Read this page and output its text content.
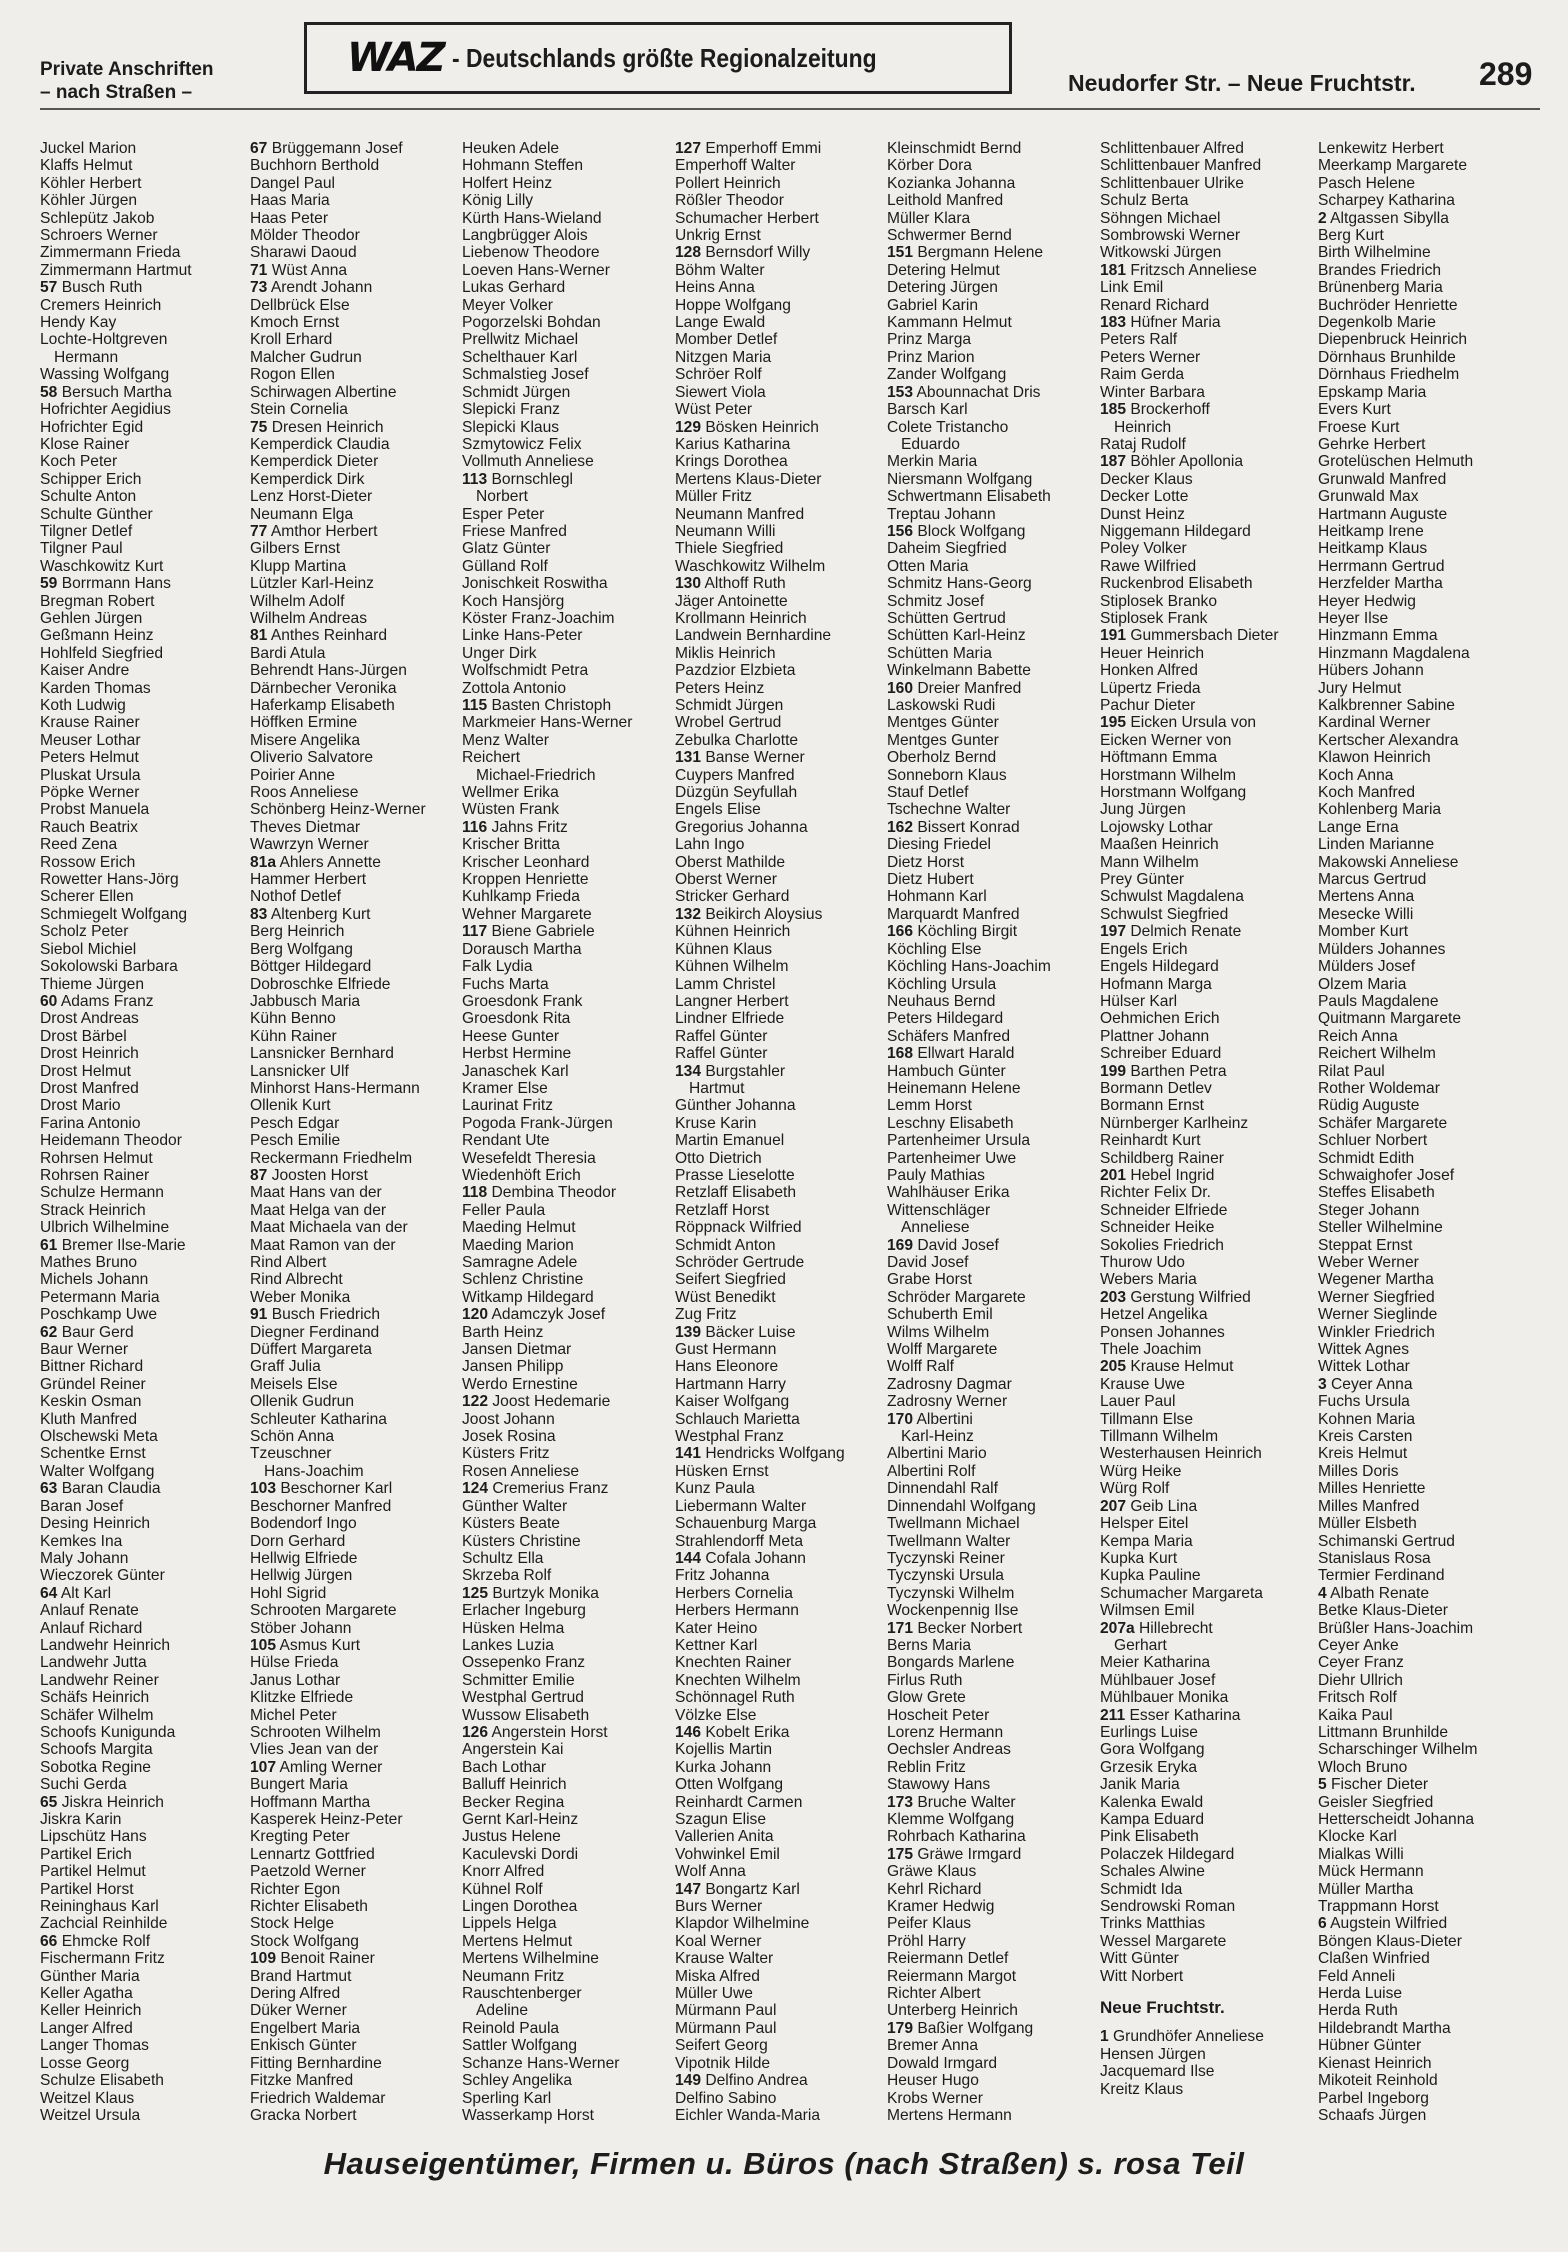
Private Anschriften
– nach Straßen –
WAZ - Deutschlands größte Regionalzeitung
Neudorfer Str. – Neue Fruchtstr. 289
Juckel Marion
Klaffs Helmut
Köhler Herbert
Köhler Jürgen
Schlepütz Jakob
Schroers Werner
Zimmermann Frieda
Zimmermann Hartmut
57 Busch Ruth
Cremers Heinrich
Hendy Kay
Lochte-Holtgreven
Hermann
Wassing Wolfgang
58 Bersuch Martha
Hofrichter Aegidius
Hofrichter Egid
Klose Rainer
Koch Peter
Schipper Erich
Schulte Anton
Schulte Günther
Tilgner Detlef
Tilgner Paul
Waschkowitz Kurt
59 Borrmann Hans
Bregman Robert
Gehlen Jürgen
Geßmann Heinz
Hohlfeld Siegfried
Kaiser Andre
Karden Thomas
Koth Ludwig
Krause Rainer
Meuser Lothar
Peters Helmut
Pluskat Ursula
Pöpke Werner
Probst Manuela
Rauch Beatrix
Reed Zena
Rossow Erich
Rowetter Hans-Jörg
Scherer Ellen
Schmiegelt Wolfgang
Scholz Peter
Siebol Michiel
Sokolowski Barbara
Thieme Jürgen
60 Adams Franz
Drost Andreas
Drost Bärbel
Drost Heinrich
Drost Helmut
Drost Manfred
Drost Mario
Farina Antonio
Heidemann Theodor
Rohrsen Helmut
Rohrsen Rainer
Schulze Hermann
Strack Heinrich
Ulbrich Wilhelmine
61 Bremer Ilse-Marie
Mathes Bruno
Michels Johann
Petermann Maria
Poschkamp Uwe
62 Baur Gerd
Baur Werner
Bittner Richard
Gründel Reiner
Keskin Osman
Kluth Manfred
Olschewski Meta
Schentke Ernst
Walter Wolfgang
63 Baran Claudia
Baran Josef
Desing Heinrich
Kemkes Ina
Maly Johann
Wieczorek Günter
64 Alt Karl
Anlauf Renate
Anlauf Richard
Landwehr Heinrich
Landwehr Jutta
Landwehr Reiner
Schäfs Heinrich
Schäfer Wilhelm
Schoofs Kunigunda
Schoofs Margita
Sobotka Regine
Suchi Gerda
65 Jiskra Heinrich
Jiskra Karin
Lipschütz Hans
Partikel Erich
Partikel Helmut
Partikel Horst
Reininghaus Karl
Zachcial Reinhilde
66 Ehmcke Rolf
Fischermann Fritz
Günther Maria
Keller Agatha
Keller Heinrich
Langer Alfred
Langer Thomas
Losse Georg
Schulze Elisabeth
Weitzel Klaus
Weitzel Ursula
67 Brüggemann Josef
Buchhorn Berthold
Dangel Paul
Haas Maria
Haas Peter
Mölder Theodor
Sharawi Daoud
71 Wüst Anna
73 Arendt Johann
Dellbrück Else
Kmoch Ernst
Kroll Erhard
Malcher Gudrun
Rogon Ellen
Schirwagen Albertine
Stein Cornelia
75 Dresen Heinrich
Kemperdick Claudia
Kemperdick Dieter
Kemperdick Dirk
Lenz Horst-Dieter
Neumann Elga
77 Amthor Herbert
Gilbers Ernst
Klupp Martina
Lützler Karl-Heinz
Wilhelm Adolf
Wilhelm Andreas
81 Anthes Reinhard
Bardi Atula
Behrendt Hans-Jürgen
Därnbecher Veronika
Haferkamp Elisabeth
Höffken Ermine
Misere Angelika
Oliverio Salvatore
Poirier Anne
Roos Anneliese
Schönberg Heinz-Werner
Theves Dietmar
Wawrzyn Werner
81a Ahlers Annette
Hammer Herbert
Nothof Detlef
83 Altenberg Kurt
Berg Heinrich
Berg Wolfgang
Böttger Hildegard
Dobroschke Elfriede
Jabbusch Maria
Kühn Benno
Kühn Rainer
Lansnicker Bernhard
Lansnicker Ulf
Minhorst Hans-Hermann
Ollenik Kurt
Pesch Edgar
Pesch Emilie
Reckermann Friedhelm
87 Joosten Horst
Maat Hans van der
Maat Helga van der
Maat Michaela van der
Maat Ramon van der
Rind Albert
Rind Albrecht
Weber Monika
91 Busch Friedrich
Diegner Ferdinand
Düffert Margareta
Graff Julia
Meisels Else
Ollenik Gudrun
Schleuter Katharina
Schön Anna
Tzeuschner
Hans-Joachim
103 Beschorner Karl
Beschorner Manfred
Bodendorf Ingo
Dorn Gerhard
Hellwig Elfriede
Hellwig Jürgen
Hohl Sigrid
Schrooten Margarete
Stöber Johann
105 Asmus Kurt
Hülse Frieda
Janus Lothar
Klitzke Elfriede
Michel Peter
Schrooten Wilhelm
Vlies Jean van der
107 Amling Werner
Bungert Maria
Hoffmann Martha
Kasperek Heinz-Peter
Kregting Peter
Lennartz Gottfried
Paetzold Werner
Richter Egon
Richter Elisabeth
Stock Helge
Stock Wolfgang
109 Benoit Rainer
Brand Hartmut
Dering Alfred
Düker Werner
Engelbert Maria
Enkisch Günter
Fitting Bernhardine
Fitzke Manfred
Friedrich Waldemar
Gracka Norbert
Heuken Adele
Hohmann Steffen
Holfert Heinz
König Lilly
Kürth Hans-Wieland
Langbrügger Alois
Liebenow Theodore
Loeven Hans-Werner
Lukas Gerhard
Meyer Volker
Pogorzelski Bohdan
Prellwitz Michael
Schelthauer Karl
Schmalstieg Josef
Schmidt Jürgen
Slepicki Franz
Slepicki Klaus
Szmytowicz Felix
Vollmuth Anneliese
113 Bornschlegl
Norbert
Esper Peter
Friese Manfred
Glatz Günter
Gülland Rolf
Jonischkeit Roswitha
Koch Hansjörg
Köster Franz-Joachim
Linke Hans-Peter
Unger Dirk
Wolfschmidt Petra
Zottola Antonio
115 Basten Christoph
Markmeier Hans-Werner
Menz Walter
Reichert
Michael-Friedrich
Wellmer Erika
Wüsten Frank
116 Jahns Fritz
Krischer Britta
Krischer Leonhard
Kroppen Henriette
Kuhlkamp Frieda
Wehner Margarete
117 Biene Gabriele
Dorausch Martha
Falk Lydia
Fuchs Marta
Groesdonk Frank
Groesdonk Rita
Heese Gunter
Herbst Hermine
Janaschek Karl
Kramer Else
Laurinat Fritz
Pogoda Frank-Jürgen
Rendant Ute
Wesefeldt Theresia
Wiedenhöft Erich
118 Dembina Theodor
Feller Paula
Maeding Helmut
Maeding Marion
Samragne Adele
Schlenz Christine
Witkamp Hildegard
120 Adamczyk Josef
Barth Heinz
Jansen Dietmar
Jansen Philipp
Werdo Ernestine
122 Joost Hedemarie
Joost Johann
Josek Rosina
Küsters Fritz
Rosen Anneliese
124 Cremerius Franz
Günther Walter
Küsters Beate
Küsters Christine
Schultz Ella
Skrzeba Rolf
125 Burtzyk Monika
Erlacher Ingeburg
Hüsken Helma
Lankes Luzia
Ossepenko Franz
Schmitter Emilie
Westphal Gertrud
Wussow Elisabeth
126 Angerstein Horst
Angerstein Kai
Bach Lothar
Balluff Heinrich
Becker Regina
Gernt Karl-Heinz
Justus Helene
Kaculevski Dordi
Knorr Alfred
Kühnel Rolf
Lingen Dorothea
Lippels Helga
Mertens Helmut
Mertens Wilhelmine
Neumann Fritz
Rauschtenberger
Adeline
Reinold Paula
Sattler Wolfgang
Schanze Hans-Werner
Schley Angelika
Sperling Karl
Wasserkamp Horst
127 Emperhoff Emmi
Emperhoff Walter
Pollert Heinrich
Rößler Theodor
Schumacher Herbert
Unkrig Ernst
128 Bernsdorf Willy
Böhm Walter
Heins Anna
Hoppe Wolfgang
Lange Ewald
Momber Detlef
Nitzgen Maria
Schröer Rolf
Siewert Viola
Wüst Peter
129 Bösken Heinrich
Karius Katharina
Krings Dorothea
Mertens Klaus-Dieter
Müller Fritz
Neumann Manfred
Neumann Willi
Thiele Siegfried
Waschkowitz Wilhelm
130 Althoff Ruth
Jäger Antoinette
Krollmann Heinrich
Landwein Bernhardine
Miklis Heinrich
Pazdzior Elzbieta
Peters Heinz
Schmidt Jürgen
Wrobel Gertrud
Zebulka Charlotte
131 Banse Werner
Cuypers Manfred
Düzgün Seyfullah
Engels Elise
Gregorius Johanna
Lahn Ingo
Oberst Mathilde
Oberst Werner
Stricker Gerhard
132 Beikirch Aloysius
Kühnen Heinrich
Kühnen Klaus
Kühnen Wilhelm
Lamm Christel
Langner Herbert
Lindner Elfriede
Raffel Günter
Raffel Günter
134 Burgstahler
Hartmut
Günther Johanna
Kruse Karin
Martin Emanuel
Otto Dietrich
Prasse Lieselotte
Retzlaff Elisabeth
Retzlaff Horst
Röppnack Wilfried
Schmidt Anton
Schröder Gertrude
Seifert Siegfried
Wüst Benedikt
Zug Fritz
139 Bäcker Luise
Gust Hermann
Hans Eleonore
Hartmann Harry
Kaiser Wolfgang
Schlauch Marietta
Westphal Franz
141 Hendricks Wolfgang
Hüsken Ernst
Kunz Paula
Liebermann Walter
Schauenburg Marga
Strahlendorff Meta
144 Cofala Johann
Fritz Johanna
Herbers Cornelia
Herbers Hermann
Kater Heino
Kettner Karl
Knechten Rainer
Knechten Wilhelm
Schönnagel Ruth
Völzke Else
146 Kobelt Erika
Kojellis Martin
Kurka Johann
Otten Wolfgang
Reinhardt Carmen
Szagun Elise
Vallerien Anita
Vohwinkel Emil
Wolf Anna
147 Bongartz Karl
Burs Werner
Klapdor Wilhelmine
Koal Werner
Krause Walter
Miska Alfred
Müller Uwe
Mürmann Paul
Mürmann Paul
Seifert Georg
Vipotnik Hilde
149 Delfino Andrea
Delfino Sabino
Eichler Wanda-Maria
Kleinschmidt Bernd
Körber Dora
Kozianka Johanna
Leithold Manfred
Müller Klara
Schwermer Bernd
151 Bergmann Helene
Detering Helmut
Detering Jürgen
Gabriel Karin
Kammann Helmut
Prinz Marga
Prinz Marion
Zander Wolfgang
153 Abounnachat Dris
Barsch Karl
Colete Tristancho
Eduardo
Merkin Maria
Niersmann Wolfgang
Schwertmann Elisabeth
Treptau Johann
156 Block Wolfgang
Daheim Siegfried
Otten Maria
Schmitz Hans-Georg
Schmitz Josef
Schütten Gertrud
Schütten Karl-Heinz
Schütten Maria
Winkelmann Babette
160 Dreier Manfred
Laskowski Rudi
Mentges Günter
Mentges Gunter
Oberholz Bernd
Sonneborn Klaus
Stauf Detlef
Tschechne Walter
162 Bissert Konrad
Diesing Friedel
Dietz Horst
Dietz Hubert
Hohmann Karl
Marquardt Manfred
166 Köchling Birgit
Köchling Else
Köchling Hans-Joachim
Köchling Ursula
Neuhaus Bernd
Peters Hildegard
Schäfers Manfred
168 Ellwart Harald
Hambuch Günter
Heinemann Helene
Lemm Horst
Leschny Elisabeth
Partenheimer Ursula
Partenheimer Uwe
Pauly Mathias
Wahlhäuser Erika
Wittenschläger
Anneliese
169 David Josef
David Josef
Grabe Horst
Schröder Margarete
Schuberth Emil
Wilms Wilhelm
Wolff Margarete
Wolff Ralf
Zadrosny Dagmar
Zadrosny Werner
170 Albertini
Karl-Heinz
Albertini Mario
Albertini Rolf
Dinnendahl Ralf
Dinnendahl Wolfgang
Twellmann Michael
Twellmann Walter
Tyczynski Reiner
Tyczynski Ursula
Tyczynski Wilhelm
Wockenpennig Ilse
171 Becker Norbert
Berns Maria
Bongards Marlene
Firlus Ruth
Glow Grete
Hoscheit Peter
Lorenz Hermann
Oechsler Andreas
Reblin Fritz
Stawowy Hans
173 Bruche Walter
Klemme Wolfgang
Rohrbach Katharina
175 Gräwe Irmgard
Gräwe Klaus
Kehrl Richard
Kramer Hedwig
Peifer Klaus
Pröhl Harry
Reiermann Detlef
Reiermann Margot
Richter Albert
Unterberg Heinrich
179 Baßier Wolfgang
Bremer Anna
Dowald Irmgard
Heuser Hugo
Krobs Werner
Mertens Hermann
Schlittenbauer Alfred
Schlittenbauer Manfred
Schlittenbauer Ulrike
Schulz Berta
Söhngen Michael
Sombrowski Werner
Witkowski Jürgen
181 Fritzsch Anneliese
Link Emil
Renard Richard
183 Hüfner Maria
Peters Ralf
Peters Werner
Raim Gerda
Winter Barbara
185 Brockerhoff
Heinrich
Rataj Rudolf
187 Böhler Apollonia
Decker Klaus
Decker Lotte
Dunst Heinz
Niggemann Hildegard
Poley Volker
Rawe Wilfried
Ruckenbrod Elisabeth
Stiplosek Branko
Stiplosek Frank
191 Gummersbach Dieter
Heuer Heinrich
Honken Alfred
Lüpertz Frieda
Pachur Dieter
195 Eicken Ursula von
Eicken Werner von
Höftmann Emma
Horstmann Wilhelm
Horstmann Wolfgang
Jung Jürgen
Lojowsky Lothar
Maaßen Heinrich
Mann Wilhelm
Prey Günter
Schwulst Magdalena
Schwulst Siegfried
197 Delmich Renate
Engels Erich
Engels Hildegard
Hofmann Marga
Hülser Karl
Oehmichen Erich
Plattner Johann
Schreiber Eduard
199 Barthen Petra
Bormann Detlev
Bormann Ernst
Nürnberger Karlheinz
Reinhardt Kurt
Schildberg Rainer
201 Hebel Ingrid
Richter Felix Dr.
Schneider Elfriede
Schneider Heike
Sokolies Friedrich
Thurow Udo
Webers Maria
203 Gerstung Wilfried
Hetzel Angelika
Ponsen Johannes
Thele Joachim
205 Krause Helmut
Krause Uwe
Lauer Paul
Tillmann Else
Tillmann Wilhelm
Westerhausen Heinrich
Würg Heike
Würg Rolf
207 Geib Lina
Helsper Eitel
Kempa Maria
Kupka Kurt
Kupka Pauline
Schumacher Margareta
Wilmsen Emil
207a Hillebrecht
Gerhart
Meier Katharina
Mühlbauer Josef
Mühlbauer Monika
211 Esser Katharina
Eurlings Luise
Gora Wolfgang
Grzesik Eryka
Janik Maria
Kalenka Ewald
Kampa Eduard
Pink Elisabeth
Polaczek Hildegard
Schales Alwine
Schmidt Ida
Sendrowski Roman
Trinks Matthias
Wessel Margarete
Witt Günter
Witt Norbert
Neue Fruchtstr.
1 Grundhöfer Anneliese
Hensen Jürgen
Jacquemard Ilse
Kreitz Klaus
Lenkewitz Herbert
Meerkamp Margarete
Pasch Helene
Scharpey Katharina
2 Altgassen Sibylla
Berg Kurt
Birth Wilhelmine
Brandes Friedrich
Brünenberg Maria
Buchröder Henriette
Degenkolb Marie
Diepenbruck Heinrich
Dörnhaus Brunhilde
Dörnhaus Friedhelm
Epskamp Maria
Evers Kurt
Froese Kurt
Gehrke Herbert
Grotelüschen Helmuth
Grunwald Manfred
Grunwald Max
Hartmann Auguste
Heitkamp Irene
Heitkamp Klaus
Herrmann Gertrud
Herzfelder Martha
Heyer Hedwig
Heyer Ilse
Hinzmann Emma
Hinzmann Magdalena
Hübers Johann
Jury Helmut
Kalkbrenner Sabine
Kardinal Werner
Kertscher Alexandra
Klawon Heinrich
Koch Anna
Koch Manfred
Kohlenberg Maria
Lange Erna
Linden Marianne
Makowski Anneliese
Marcus Gertrud
Mertens Anna
Mesecke Willi
Momber Kurt
Mülders Johannes
Mülders Josef
Olzem Maria
Pauls Magdalene
Quitmann Margarete
Reich Anna
Reichert Wilhelm
Rilat Paul
Rother Woldemar
Rüdig Auguste
Schäfer Margarete
Schluer Norbert
Schmidt Edith
Schwaighofer Josef
Steffes Elisabeth
Steger Johann
Steller Wilhelmine
Steppat Ernst
Weber Werner
Wegener Martha
Werner Siegfried
Werner Sieglinde
Winkler Friedrich
Wittek Agnes
Wittek Lothar
3 Ceyer Anna
Fuchs Ursula
Kohnen Maria
Kreis Carsten
Kreis Helmut
Milles Doris
Milles Henriette
Milles Manfred
Müller Elsbeth
Schimanski Gertrud
Stanislaus Rosa
Termier Ferdinand
4 Albath Renate
Betke Klaus-Dieter
Brüßler Hans-Joachim
Ceyer Anke
Ceyer Franz
Diehr Ullrich
Fritsch Rolf
Kaika Paul
Littmann Brunhilde
Scharschinger Wilhelm
Wloch Bruno
5 Fischer Dieter
Geisler Siegfried
Hetterscheidt Johanna
Klocke Karl
Mialkas Willi
Mück Hermann
Müller Martha
Trappmann Horst
6 Augstein Wilfried
Böngen Klaus-Dieter
Claßen Winfried
Feld Anneli
Herda Luise
Herda Ruth
Hildebrandt Martha
Hübner Günter
Kienast Heinrich
Mikoteit Reinhold
Parbel Ingeborg
Schaafs Jürgen
Hauseigentümer, Firmen u. Büros (nach Straßen) s. rosa Teil
